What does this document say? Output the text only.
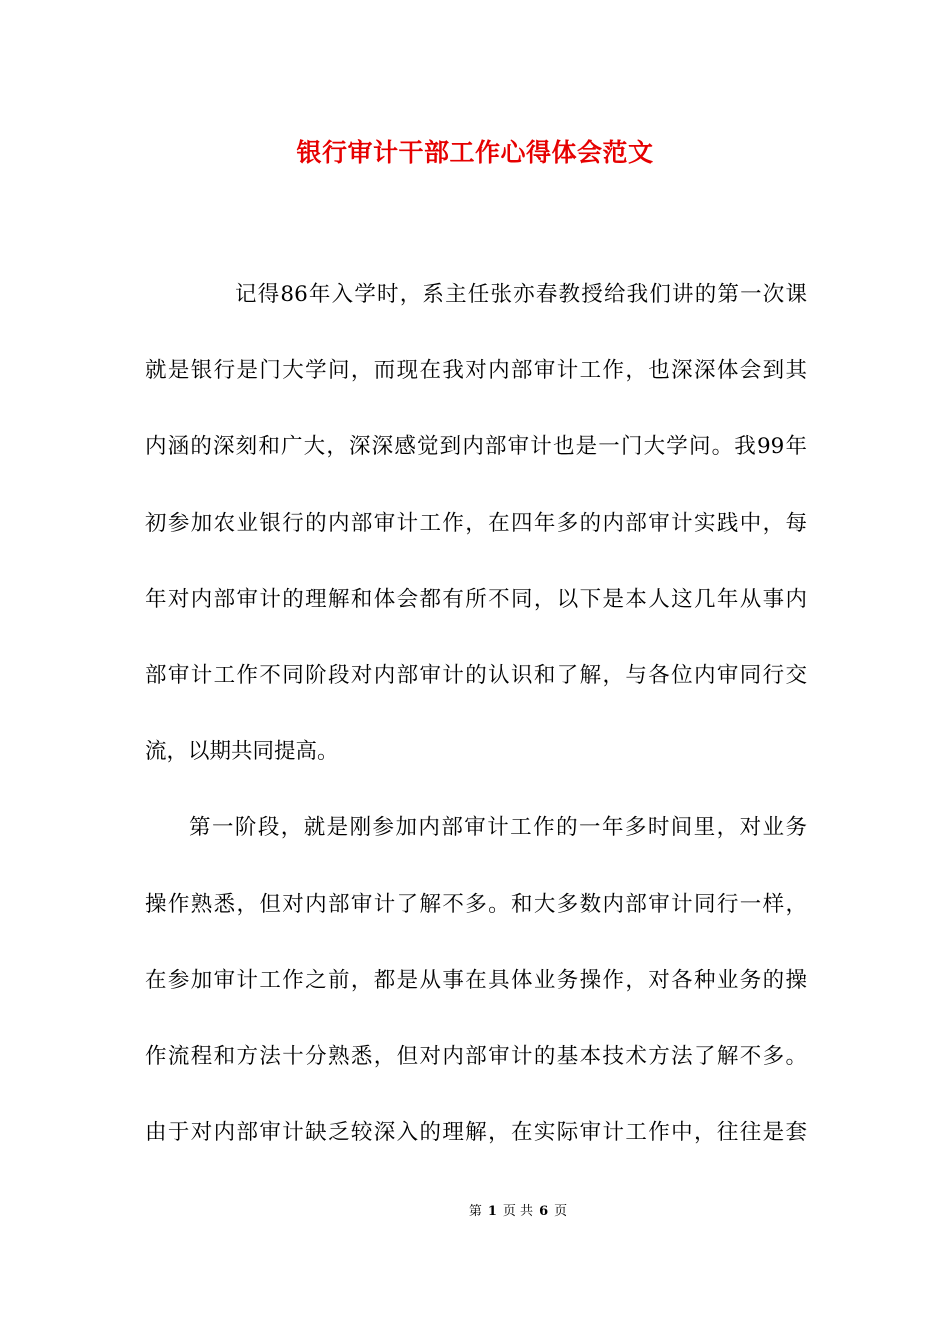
银行审计干部工作心得体会范文
记得86年入学时，系主任张亦春教授给我们讲的第一次课
就是银行是门大学问，而现在我对内部审计工作，也深深体会到其
内涵的深刻和广大，深深感觉到内部审计也是一门大学问。我99年
初参加农业银行的内部审计工作，在四年多的内部审计实践中，每
年对内部审计的理解和体会都有所不同，以下是本人这几年从事内
部审计工作不同阶段对内部审计的认识和了解，与各位内审同行交
流，以期共同提高。
第一阶段，就是刚参加内部审计工作的一年多时间里，对业务
操作熟悉，但对内部审计了解不多。和大多数内部审计同行一样，
在参加审计工作之前，都是从事在具体业务操作，对各种业务的操
作流程和方法十分熟悉，但对内部审计的基本技术方法了解不多。
由于对内部审计缺乏较深入的理解，在实际审计工作中，往往是套
第 1 页 共 6 页
